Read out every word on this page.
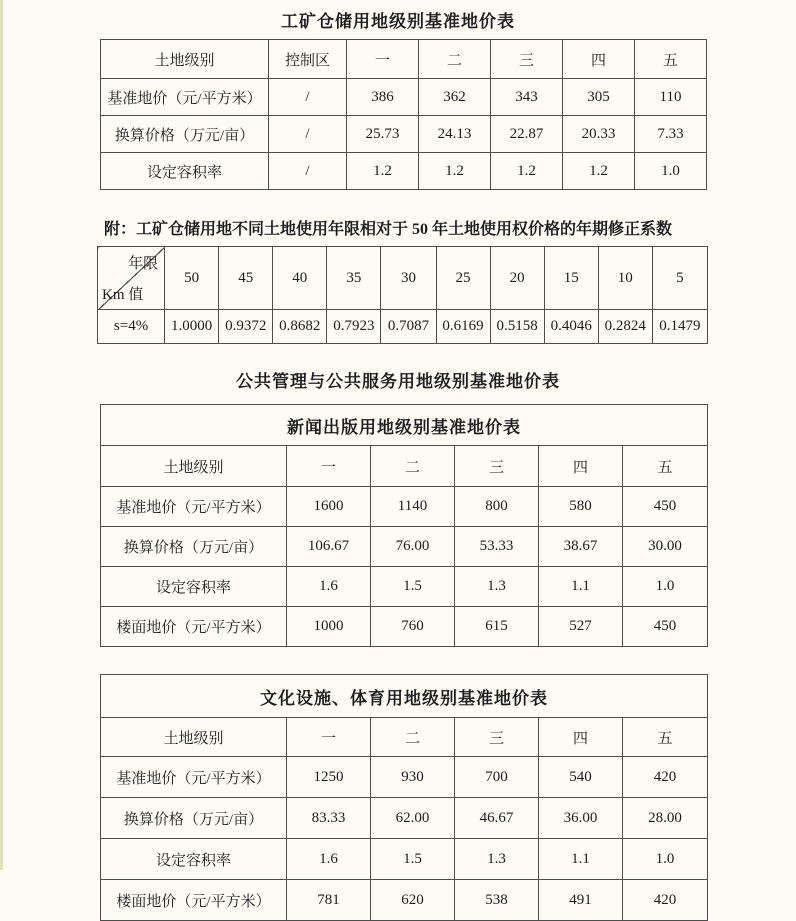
工矿仓储用地级别基准地价表
土地级别	控制区	一	二	三	四	五
基准地价（元/平方米）	/	386	362	343	305	110
换算价格（万元/亩）	/	25.73	24.13	22.87	20.33	7.33
设定容积率	/	1.2	1.2	1.2	1.2	1.0

附：工矿仓储用地不同土地使用年限相对于 50 年土地使用权价格的年期修正系数

年限
Km 值	50	45	40	35	30	25	20	15	10	5
s=4%	1.0000	0.9372	0.8682	0.7923	0.7087	0.6169	0.5158	0.4046	0.2824	0.1479
公共管理与公共服务用地级别基准地价表
新闻出版用地级别基准地价表					
土地级别	一	二	三	四	五
基准地价（元/平方米）	1600	1140	800	580	450
换算价格（万元/亩）	106.67	76.00	53.33	38.67	30.00
设定容积率	1.6	1.5	1.3	1.1	1.0
楼面地价（元/平方米）	1000	760	615	527	450
文化设施、体育用地级别基准地价表					
土地级别	一	二	三	四	五
基准地价（元/平方米）	1250	930	700	540	420
换算价格（万元/亩）	83.33	62.00	46.67	36.00	28.00
设定容积率	1.6	1.5	1.3	1.1	1.0
楼面地价（元/平方米）	781	620	538	491	420
